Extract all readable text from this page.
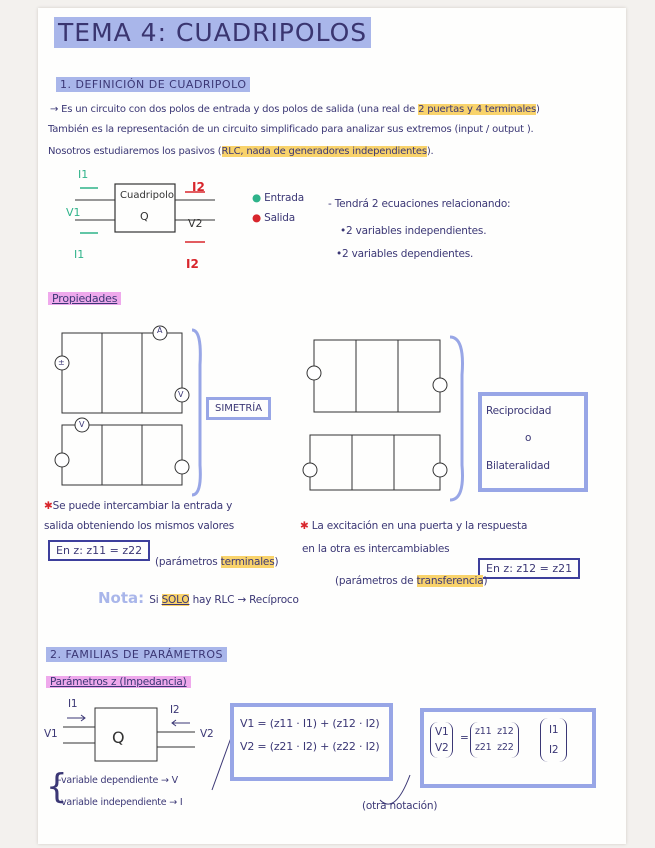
TEMA 4: CUADRIPOLOS
1. DEFINICIÓN DE CUADRIPOLO
→ Es un circuito con dos polos de entrada y dos polos de salida (una real de 2 puertas y 4 terminales)
También es la representación de un circuito simplificado para analizar sus extremos (input / output ).
Nosotros estudiaremos los pasivos (RLC, nada de generadores independientes).
Cuadripolo
Q
I1
V1
I1
I2
V2
I2
● Entrada
● Salida
- Tendrá 2 ecuaciones relacionando:
•2 variables independientes.
•2 variables dependientes.
Propiedades
A
V
±
V
SIMETRÍA	Reciprocidad
o
Bilateralidad
✱Se puede intercambiar la entrada y
salida obteniendo los mismos valores
En z: z11 = z22
(parámetros terminales)
✱ La excitación en una puerta y la respuesta
en la otra es intercambiables
En z: z12 = z21
(parámetros de transferencia)
Nota: Si SOLO hay RLC → Recíproco
2. FAMILIAS DE PARÁMETROS
Parámetros z (Impedancia)
I1	I2
V1	V2
Q
{
-variable dependiente → V
-variable independiente → I
V1 = (z11 · I1) + (z12 · I2)
V2 = (z21 · I2) + (z22 · I2)
V1
V2
=
z11  z12
z21  z22
I1
I2
(otra notación)
